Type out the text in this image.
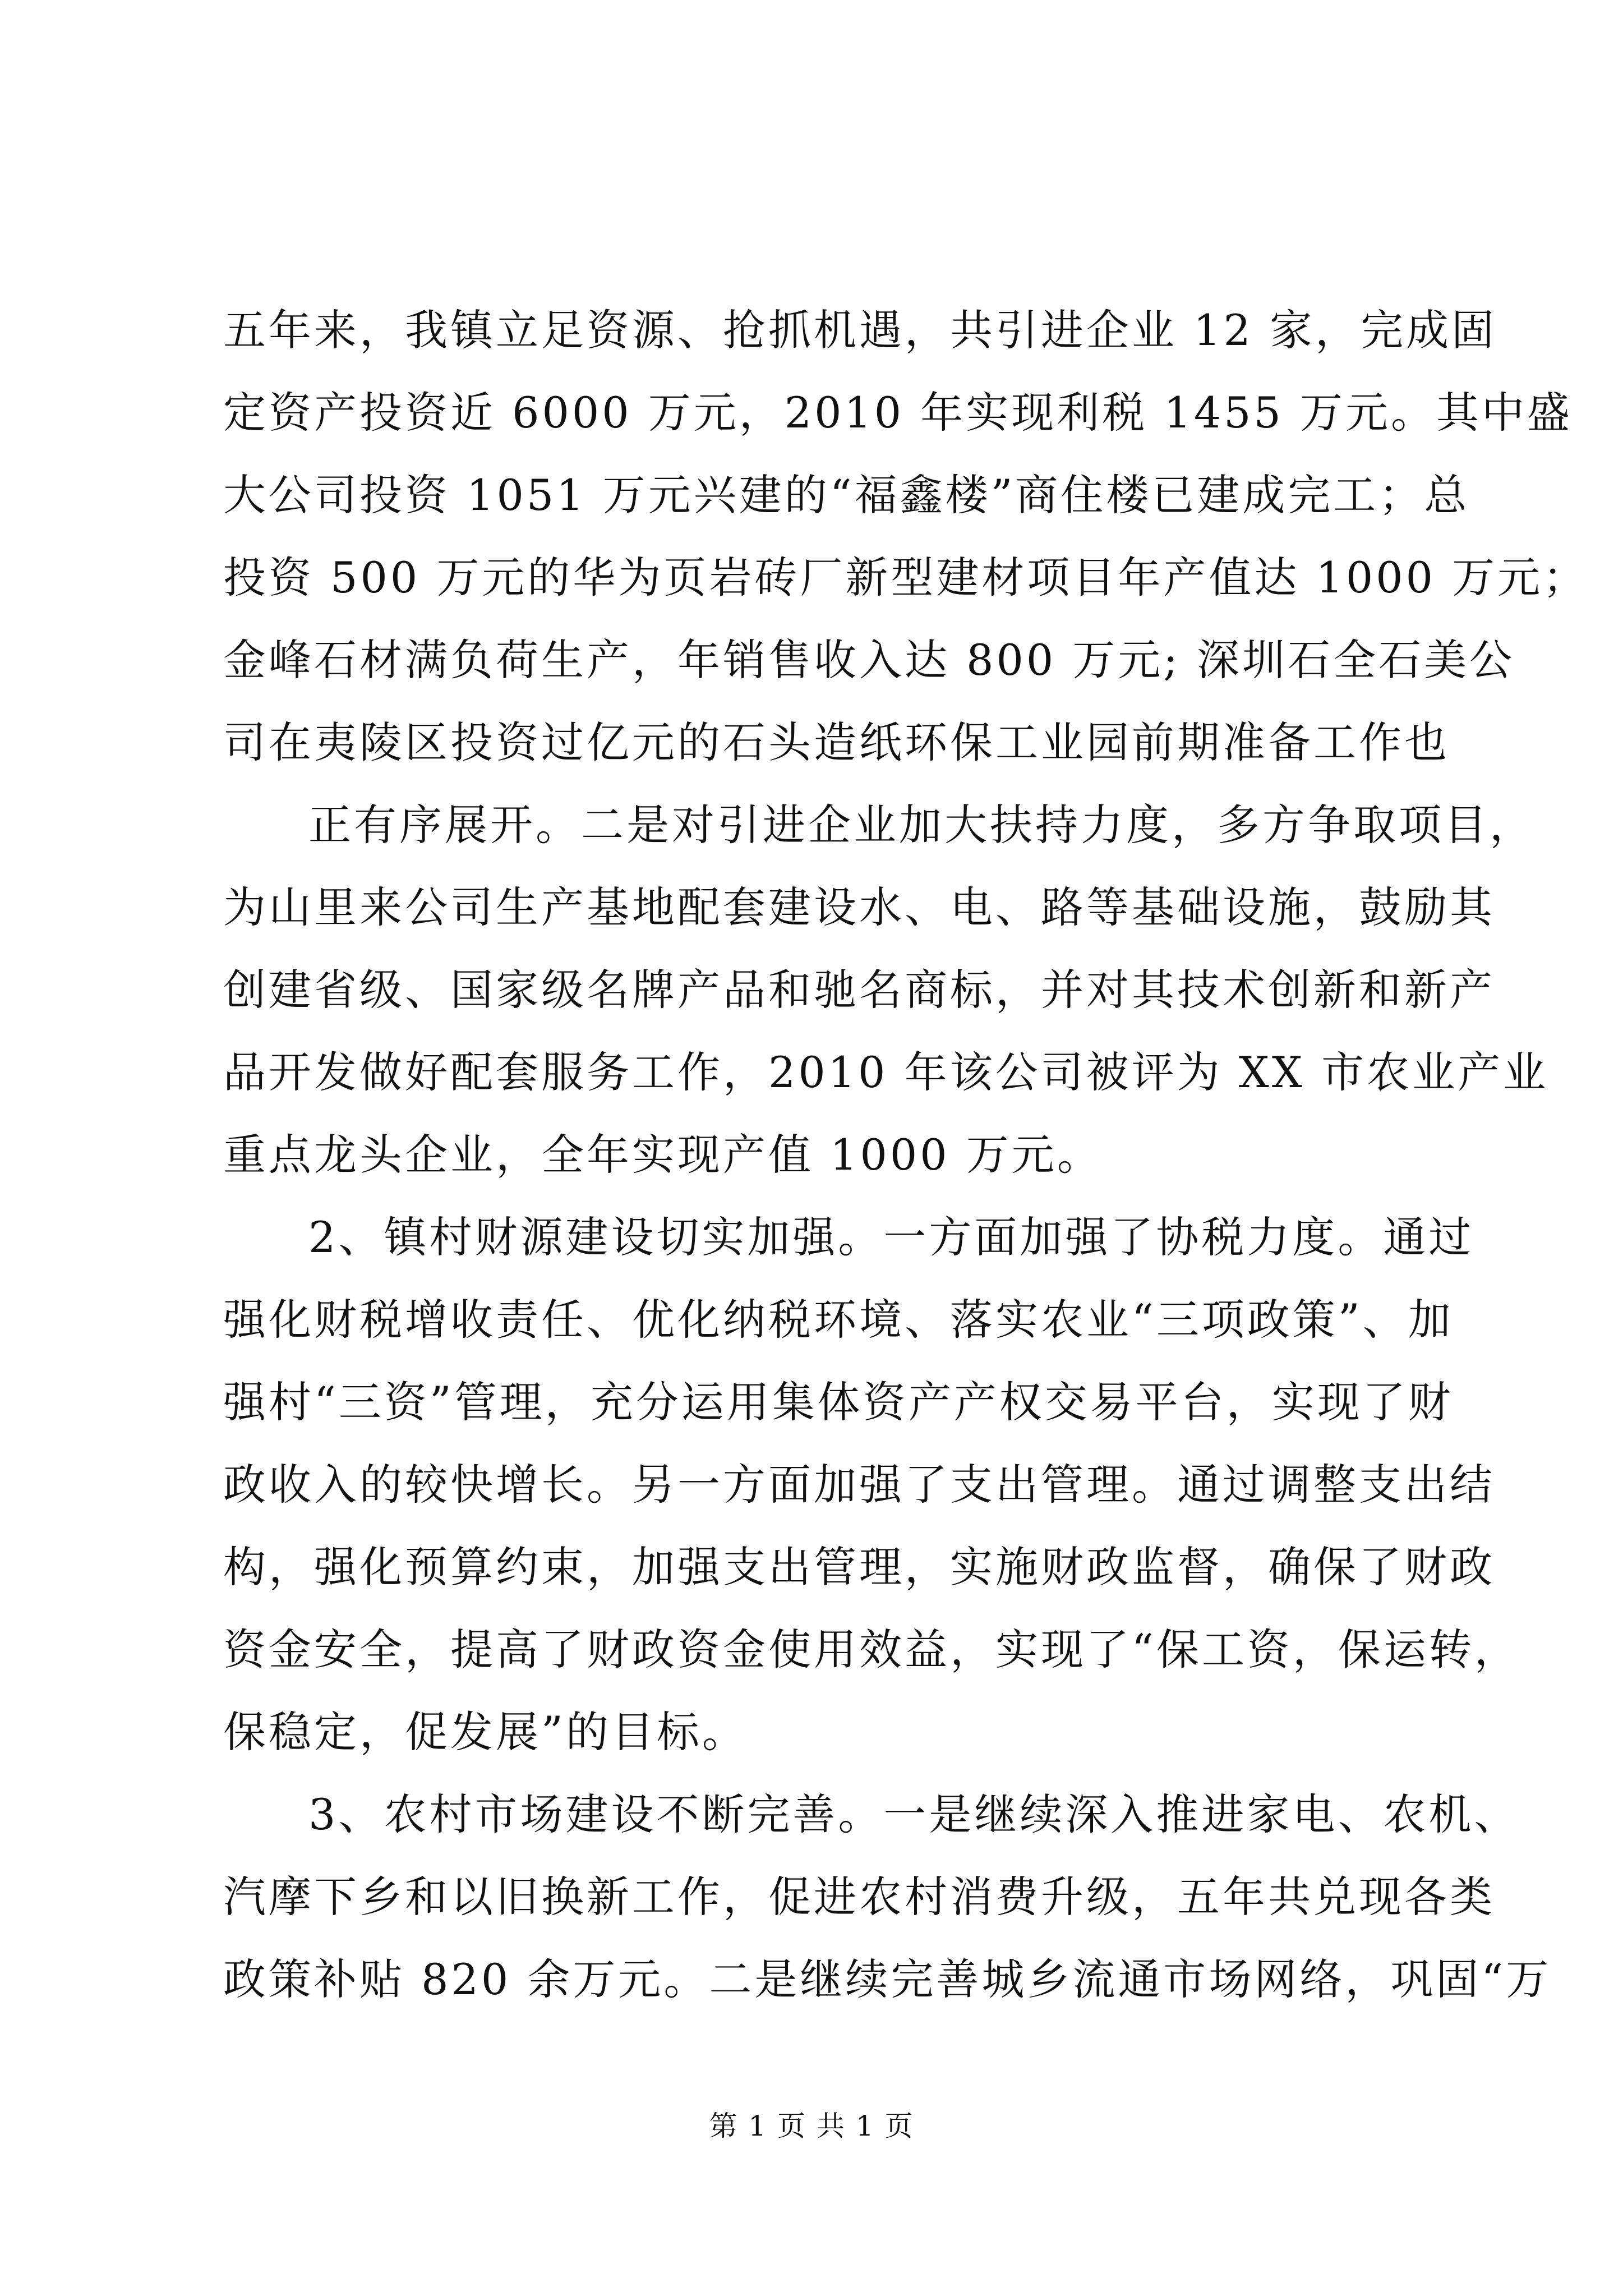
五年来，我镇立足资源、抢抓机遇，共引进企业 12 家，完成固
定资产投资近 6000 万元，2010 年实现利税 1455 万元。其中盛
大公司投资 1051 万元兴建的“福鑫楼”商住楼已建成完工；总
投资 500 万元的华为页岩砖厂新型建材项目年产值达 1000 万元；
金峰石材满负荷生产，年销售收入达 800 万元; 深圳石全石美公
司在夷陵区投资过亿元的石头造纸环保工业园前期准备工作也
正有序展开。二是对引进企业加大扶持力度，多方争取项目，
为山里来公司生产基地配套建设水、电、路等基础设施，鼓励其
创建省级、国家级名牌产品和驰名商标，并对其技术创新和新产
品开发做好配套服务工作，2010 年该公司被评为 XX 市农业产业
重点龙头企业，全年实现产值 1000 万元。
2、镇村财源建设切实加强。一方面加强了协税力度。通过
强化财税增收责任、优化纳税环境、落实农业“三项政策”、加
强村“三资”管理，充分运用集体资产产权交易平台，实现了财
政收入的较快增长。另一方面加强了支出管理。通过调整支出结
构，强化预算约束，加强支出管理，实施财政监督，确保了财政
资金安全，提高了财政资金使用效益，实现了“保工资，保运转，
保稳定，促发展”的目标。
3、农村市场建设不断完善。一是继续深入推进家电、农机、
汽摩下乡和以旧换新工作，促进农村消费升级，五年共兑现各类
政策补贴 820 余万元。二是继续完善城乡流通市场网络，巩固“万
第 1 页 共 1 页
